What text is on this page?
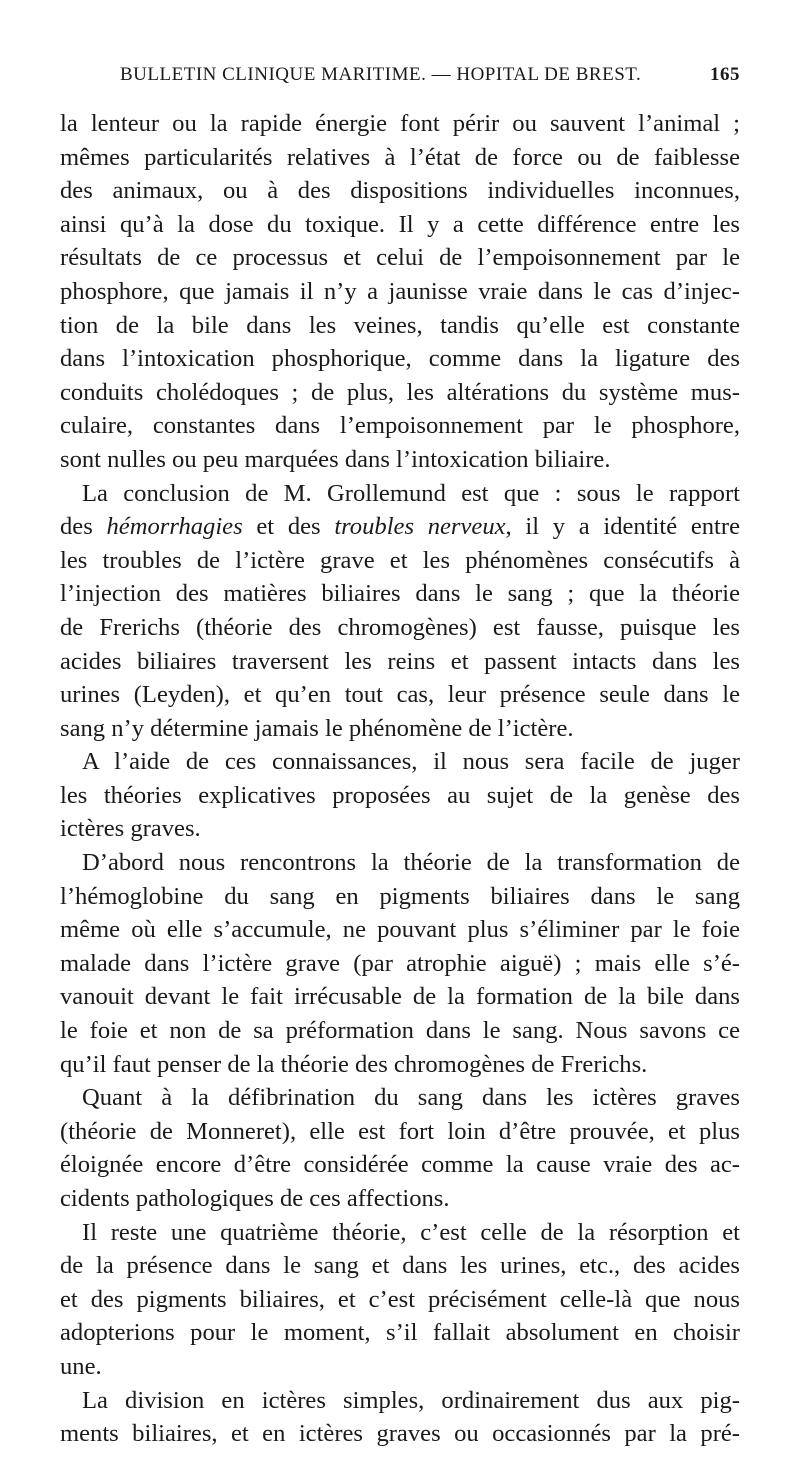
BULLETIN CLINIQUE MARITIME. — HOPITAL DE BREST.	165
la lenteur ou la rapide énergie font périr ou sauvent l’animal ;
mêmes particularités relatives à l’état de force ou de faiblesse
des animaux, ou à des dispositions individuelles inconnues,
ainsi qu’à la dose du toxique. Il y a cette différence entre les
résultats de ce processus et celui de l’empoisonnement par le
phosphore, que jamais il n’y a jaunisse vraie dans le cas d’injec-
tion de la bile dans les veines, tandis qu’elle est constante
dans l’intoxication phosphorique, comme dans la ligature des
conduits cholédoques ; de plus, les altérations du système mus-
culaire, constantes dans l’empoisonnement par le phosphore,
sont nulles ou peu marquées dans l’intoxication biliaire.
La conclusion de M. Grollemund est que : sous le rapport
des hémorrhagies et des troubles nerveux, il y a identité entre
les troubles de l’ictère grave et les phénomènes consécutifs à
l’injection des matières biliaires dans le sang ; que la théorie
de Frerichs (théorie des chromogènes) est fausse, puisque les
acides biliaires traversent les reins et passent intacts dans les
urines (Leyden), et qu’en tout cas, leur présence seule dans le
sang n’y détermine jamais le phénomène de l’ictère.
A l’aide de ces connaissances, il nous sera facile de juger
les théories explicatives proposées au sujet de la genèse des
ictères graves.
D’abord nous rencontrons la théorie de la transformation de
l’hémoglobine du sang en pigments biliaires dans le sang
même où elle s’accumule, ne pouvant plus s’éliminer par le foie
malade dans l’ictère grave (par atrophie aiguë) ; mais elle s’é-
vanouit devant le fait irrécusable de la formation de la bile dans
le foie et non de sa préformation dans le sang. Nous savons ce
qu’il faut penser de la théorie des chromogènes de Frerichs.
Quant à la défibrination du sang dans les ictères graves
(théorie de Monneret), elle est fort loin d’être prouvée, et plus
éloignée encore d’être considérée comme la cause vraie des ac-
cidents pathologiques de ces affections.
Il reste une quatrième théorie, c’est celle de la résorption et
de la présence dans le sang et dans les urines, etc., des acides
et des pigments biliaires, et c’est précisément celle-là que nous
adopterions pour le moment, s’il fallait absolument en choisir
une.
La division en ictères simples, ordinairement dus aux pig-
ments biliaires, et en ictères graves ou occasionnés par la pré-
